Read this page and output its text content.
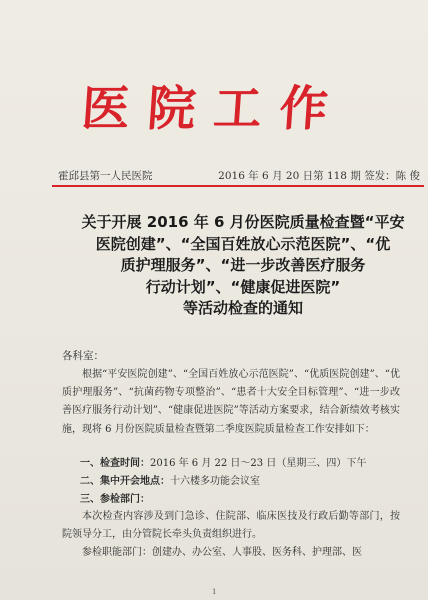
医院工作
霍邱县第一人民医院	2016 年 6 月 20 日第 118 期 签发：陈 俊
关于开展 2016 年 6 月份医院质量检查暨“平安
医院创建”、“全国百姓放心示范医院”、“优
质护理服务”、“进一步改善医疗服务
行动计划”、“健康促进医院”
等活动检查的通知
各科室：

根据“平安医院创建”、“全国百姓放心示范医院”、“优质医院创建”、“优质护理服务”、“抗菌药物专项整治”、“患者十大安全目标管理”、“进一步改善医疗服务行动计划”、“健康促进医院”等活动方案要求，结合新绩效考核实施，现将 6 月份医院质量检查暨第二季度医院质量检查工作安排如下：

一、检查时间：2016 年 6 月 22 日～23 日（星期三、四）下午
二、集中开会地点：十六楼多功能会议室
三、参检部门：

本次检查内容涉及到门急诊、住院部、临床医技及行政后勤等部门，按院领导分工，由分管院长牵头负责组织进行。

参检职能部门：创建办、办公室、人事股、医务科、护理部、医

1
